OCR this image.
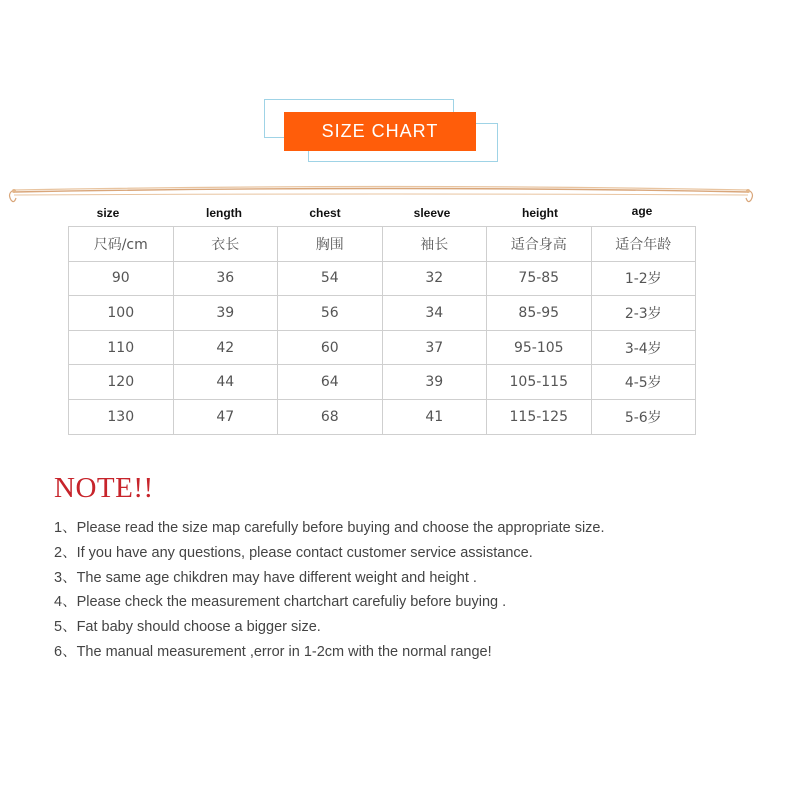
SIZE CHART
size	length	chest	sleeve	height	age
尺码/cm	衣长	胸围	袖长	适合身高	适合年龄
90	36	54	32	75-85	1-2岁
100	39	56	34	85-95	2-3岁
110	42	60	37	95-105	3-4岁
120	44	64	39	105-115	4-5岁
130	47	68	41	115-125	5-6岁
NOTE!!
1、Please read the size map carefully before buying and choose the appropriate size.
2、If you have any questions, please contact customer service assistance.
3、The same age chikdren may have different weight and height .
4、Please check the measurement chartchart carefuliy before buying .
5、Fat baby should choose a bigger size.
6、The manual measurement ,error in 1-2cm with the normal range!
